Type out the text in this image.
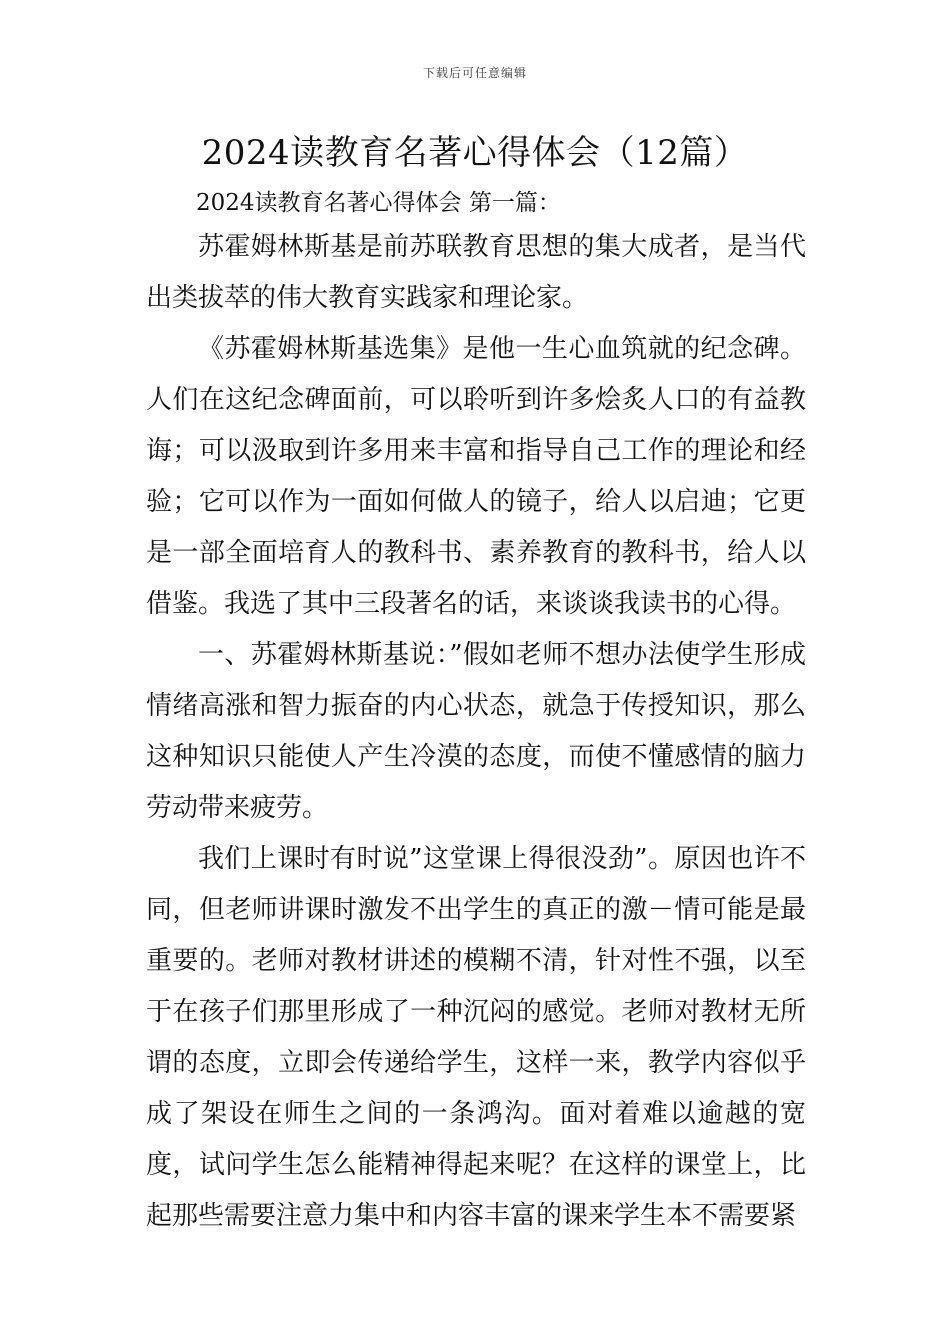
下载后可任意编辑
2024读教育名著心得体会（12篇）
2024读教育名著心得体会 第一篇：

苏霍姆林斯基是前苏联教育思想的集大成者，是当代出类拔萃的伟大教育实践家和理论家。

《苏霍姆林斯基选集》是他一生心血筑就的纪念碑。人们在这纪念碑面前，可以聆听到许多烩炙人口的有益教诲；可以汲取到许多用来丰富和指导自己工作的理论和经验；它可以作为一面如何做人的镜子，给人以启迪；它更是一部全面培育人的教科书、素养教育的教科书，给人以借鉴。我选了其中三段著名的话，来谈谈我读书的心得。

一、苏霍姆林斯基说：”假如老师不想办法使学生形成情绪高涨和智力振奋的内心状态，就急于传授知识，那么这种知识只能使人产生冷漠的态度，而使不懂感情的脑力劳动带来疲劳。

我们上课时有时说”这堂课上得很没劲”。原因也许不同，但老师讲课时激发不出学生的真正的激－情可能是最重要的。老师对教材讲述的模糊不清，针对性不强，以至于在孩子们那里形成了一种沉闷的感觉。老师对教材无所谓的态度，立即会传递给学生，这样一来，教学内容似乎成了架设在师生之间的一条鸿沟。面对着难以逾越的宽度，试问学生怎么能精神得起来呢？在这样的课堂上，比起那些需要注意力集中和内容丰富的课来学生本不需要紧
